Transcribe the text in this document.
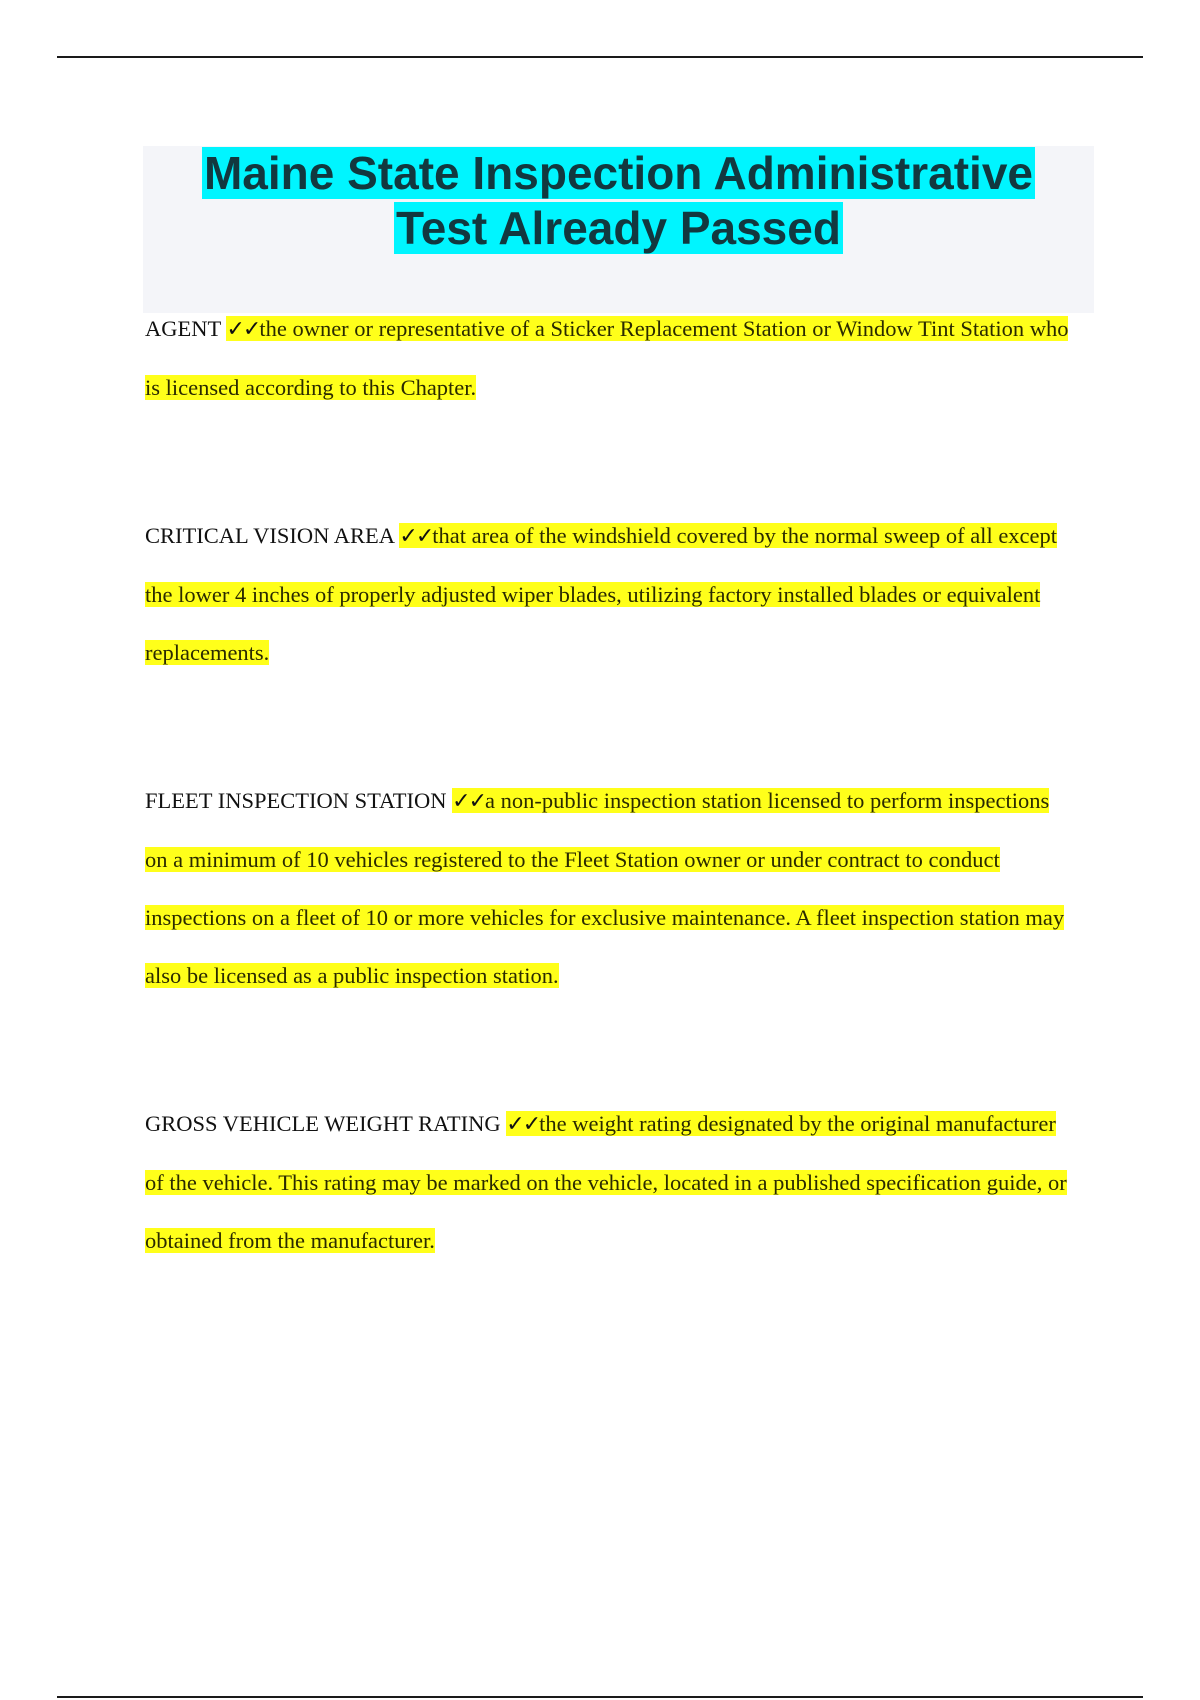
Maine State Inspection Administrative
Test Already Passed

AGENT ✓✓the owner or representative of a Sticker Replacement Station or Window Tint Station who is licensed according to this Chapter.

CRITICAL VISION AREA ✓✓that area of the windshield covered by the normal sweep of all except the lower 4 inches of properly adjusted wiper blades, utilizing factory installed blades or equivalent replacements.

FLEET INSPECTION STATION ✓✓a non-public inspection station licensed to perform inspections on a minimum of 10 vehicles registered to the Fleet Station owner or under contract to conduct inspections on a fleet of 10 or more vehicles for exclusive maintenance. A fleet inspection station may also be licensed as a public inspection station.

GROSS VEHICLE WEIGHT RATING ✓✓the weight rating designated by the original manufacturer of the vehicle. This rating may be marked on the vehicle, located in a published specification guide, or obtained from the manufacturer.
